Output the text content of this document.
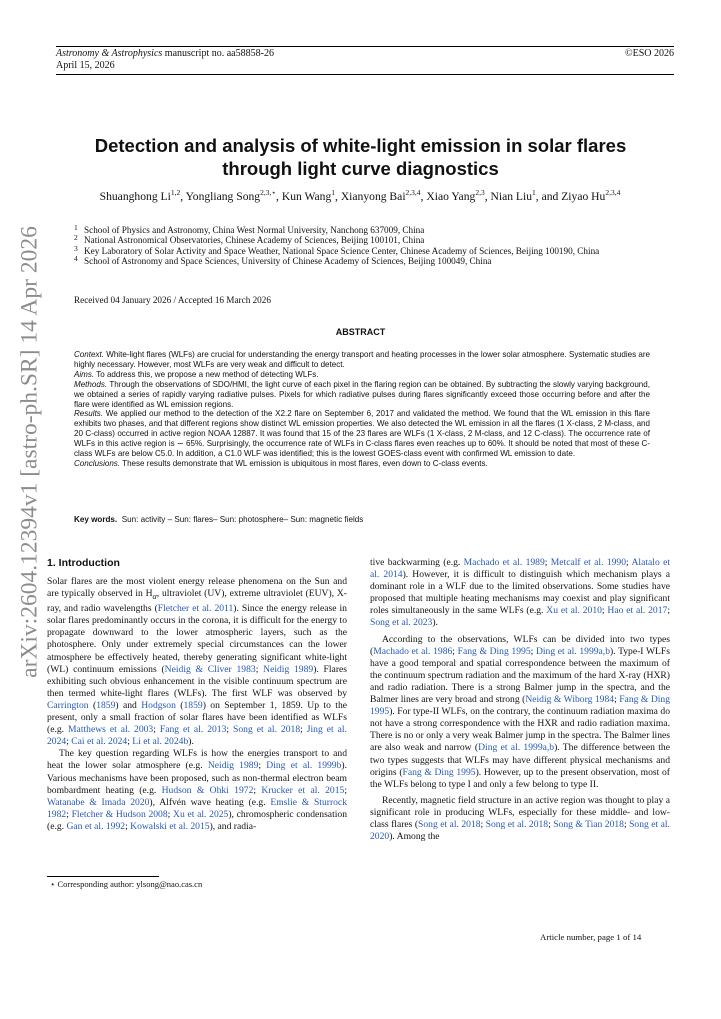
Astronomy & Astrophysics manuscript no. aa58858-26
April 15, 2026
©ESO 2026
arXiv:2604.12394v1 [astro-ph.SR] 14 Apr 2026
Detection and analysis of white-light emission in solar flares
through light curve diagnostics
Shuanghong Li$^{1,2}$, Yongliang Song$^{2,3,⋆}$, Kun Wang$^1$, Xianyong Bai$^{2,3,4}$, Xiao Yang$^{2,3}$, Nian Liu$^1$, and Ziyao Hu$^{2,3,4}$
1 School of Physics and Astronomy, China West Normal University, Nanchong 637009, China
2 National Astronomical Observatories, Chinese Academy of Sciences, Beijing 100101, China
3 Key Laboratory of Solar Activity and Space Weather, National Space Science Center, Chinese Academy of Sciences, Beijing 100190, China
4 School of Astronomy and Space Sciences, University of Chinese Academy of Sciences, Beijing 100049, China
Received 04 January 2026 / Accepted 16 March 2026
ABSTRACT

Context. White-light flares (WLFs) are crucial for understanding the energy transport and heating processes in the lower solar atmosphere. Systematic studies are highly necessary. However, most WLFs are very weak and difficult to detect.

Aims. To address this, we propose a new method of detecting WLFs.

Methods. Through the observations of SDO/HMI, the light curve of each pixel in the flaring region can be obtained. By subtracting the slowly varying background, we obtained a series of rapidly varying radiative pulses. Pixels for which radiative pulses during flares significantly exceed those occurring before and after the flare were identified as WL emission regions.

Results. We applied our method to the detection of the X2.2 flare on September 6, 2017 and validated the method. We found that the WL emission in this flare exhibits two phases, and that different regions show distinct WL emission properties. We also detected the WL emission in all the flares (1 X-class, 2 M-class, and 20 C-class) occurred in active region NOAA 12887. It was found that 15 of the 23 flares are WLFs (1 X-class, 2 M-class, and 12 C-class). The occurrence rate of WLFs in this active region is ∼ 65%. Surprisingly, the occurrence rate of WLFs in C-class flares even reaches up to 60%. It should be noted that most of these C-class WLFs are below C5.0. In addition, a C1.0 WLF was identified; this is the lowest GOES-class event with confirmed WL emission to date.

Conclusions. These results demonstrate that WL emission is ubiquitous in most flares, even down to C-class events.

Key words. Sun: activity – Sun: flares– Sun: photosphere– Sun: magnetic fields
1. Introduction

Solar flares are the most violent energy release phenomena on the Sun and are typically observed in $H_\alpha$, ultraviolet (UV), extreme ultraviolet (EUV), X-ray, and radio wavelengths (Fletcher et al. 2011). Since the energy release in solar flares predominantly occurs in the corona, it is difficult for the energy to propagate downward to the lower atmospheric layers, such as the photosphere. Only under extremely special circumstances can the lower atmosphere be effectively heated, thereby generating significant white-light (WL) continuum emissions (Neidig & Cliver 1983; Neidig 1989). Flares exhibiting such obvious enhancement in the visible continuum spectrum are then termed white-light flares (WLFs). The first WLF was observed by Carrington (1859) and Hodgson (1859) on September 1, 1859. Up to the present, only a small fraction of solar flares have been identified as WLFs (e.g. Matthews et al. 2003; Fang et al. 2013; Song et al. 2018; Jing et al. 2024; Cai et al. 2024; Li et al. 2024b).

The key question regarding WLFs is how the energies transport to and heat the lower solar atmosphere (e.g. Neidig 1989; Ding et al. 1999b). Various mechanisms have been proposed, such as non-thermal electron beam bombardment heating (e.g. Hudson & Ohki 1972; Krucker et al. 2015; Watanabe & Imada 2020), Alfvén wave heating (e.g. Emslie & Sturrock 1982; Fletcher & Hudson 2008; Xu et al. 2025), chromospheric condensation (e.g. Gan et al. 1992; Kowalski et al. 2015), and radia-

tive backwarming (e.g. Machado et al. 1989; Metcalf et al. 1990; Alatalo et al. 2014). However, it is difficult to distinguish which mechanism plays a dominant role in a WLF due to the limited observations. Some studies have proposed that multiple heating mechanisms may coexist and play significant roles simultaneously in the same WLFs (e.g. Xu et al. 2010; Hao et al. 2017; Song et al. 2023).

According to the observations, WLFs can be divided into two types (Machado et al. 1986; Fang & Ding 1995; Ding et al. 1999a,b). Type-I WLFs have a good temporal and spatial correspondence between the maximum of the continuum spectrum radiation and the maximum of the hard X-ray (HXR) and radio radiation. There is a strong Balmer jump in the spectra, and the Balmer lines are very broad and strong (Neidig & Wiborg 1984; Fang & Ding 1995). For type-II WLFs, on the contrary, the continuum radiation maxima do not have a strong correspondence with the HXR and radio radiation maxima. There is no or only a very weak Balmer jump in the spectra. The Balmer lines are also weak and narrow (Ding et al. 1999a,b). The difference between the two types suggests that WLFs may have different physical mechanisms and origins (Fang & Ding 1995). However, up to the present observation, most of the WLFs belong to type I and only a few belong to type II.

Recently, magnetic field structure in an active region was thought to play a significant role in producing WLFs, especially for these middle- and low-class flares (Song et al. 2018; Song et al. 2018; Song & Tian 2018; Song et al. 2020). Among the

⋆ Corresponding author: ylsong@nao.cas.cn
Article number, page 1 of 14
